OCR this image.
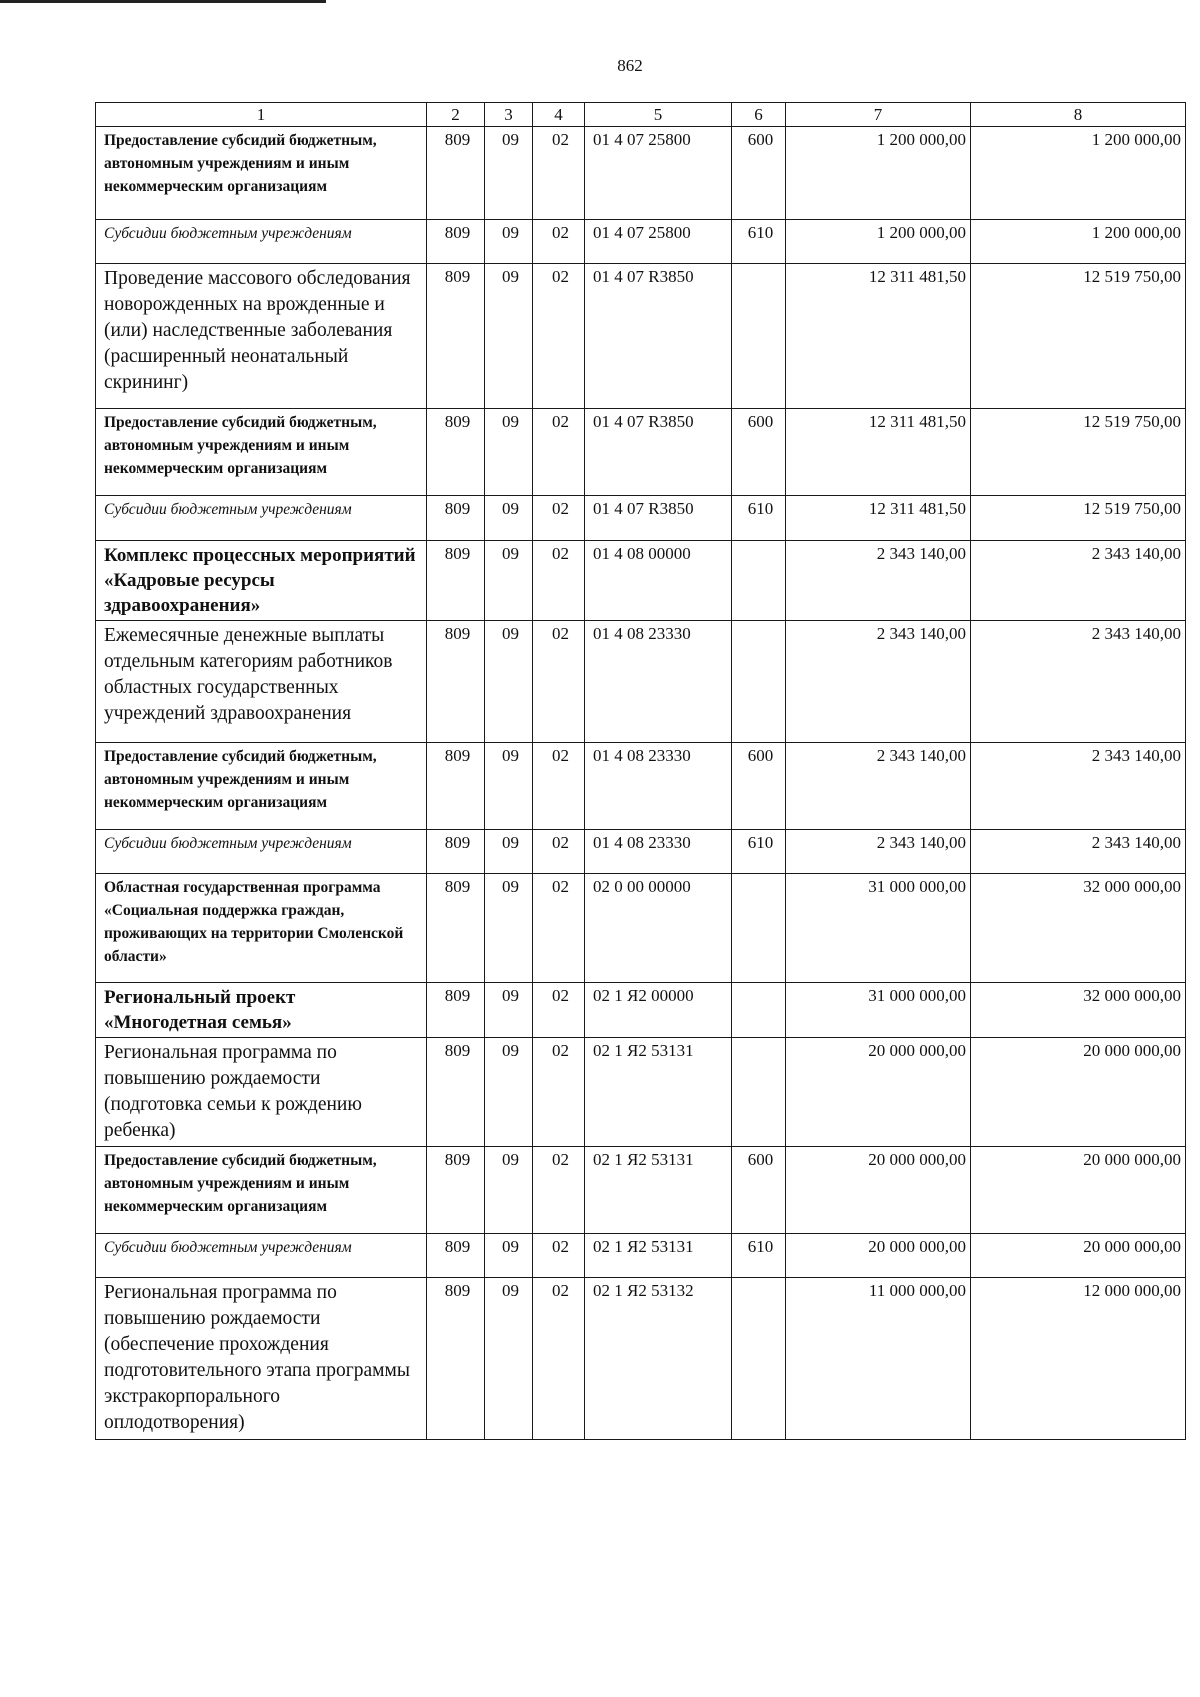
862
1	2	3	4	5	6	7	8
Предоставление субсидий бюджетным, автономным учреждениям и иным некоммерческим организациям	809	09	02	01 4 07 25800	600	1 200 000,00	1 200 000,00
Субсидии бюджетным учреждениям	809	09	02	01 4 07 25800	610	1 200 000,00	1 200 000,00
Проведение массового обследования новорожденных на врожденные и (или) наследственные заболевания (расширенный неонатальный скрининг)	809	09	02	01 4 07 R3850		12 311 481,50	12 519 750,00
Предоставление субсидий бюджетным, автономным учреждениям и иным некоммерческим организациям	809	09	02	01 4 07 R3850	600	12 311 481,50	12 519 750,00
Субсидии бюджетным учреждениям	809	09	02	01 4 07 R3850	610	12 311 481,50	12 519 750,00
Комплекс процессных мероприятий «Кадровые ресурсы здравоохранения»	809	09	02	01 4 08 00000		2 343 140,00	2 343 140,00
Ежемесячные денежные выплаты отдельным категориям работников областных государственных учреждений здравоохранения	809	09	02	01 4 08 23330		2 343 140,00	2 343 140,00
Предоставление субсидий бюджетным, автономным учреждениям и иным некоммерческим организациям	809	09	02	01 4 08 23330	600	2 343 140,00	2 343 140,00
Субсидии бюджетным учреждениям	809	09	02	01 4 08 23330	610	2 343 140,00	2 343 140,00
Областная государственная программа «Социальная поддержка граждан, проживающих на территории Смоленской области»	809	09	02	02 0 00 00000		31 000 000,00	32 000 000,00
Региональный проект «Многодетная семья»	809	09	02	02 1 Я2 00000		31 000 000,00	32 000 000,00
Региональная программа по повышению рождаемости (подготовка семьи к рождению ребенка)	809	09	02	02 1 Я2 53131		20 000 000,00	20 000 000,00
Предоставление субсидий бюджетным, автономным учреждениям и иным некоммерческим организациям	809	09	02	02 1 Я2 53131	600	20 000 000,00	20 000 000,00
Субсидии бюджетным учреждениям	809	09	02	02 1 Я2 53131	610	20 000 000,00	20 000 000,00
Региональная программа по повышению рождаемости (обеспечение прохождения подготовительного этапа программы экстракорпорального оплодотворения)	809	09	02	02 1 Я2 53132		11 000 000,00	12 000 000,00
